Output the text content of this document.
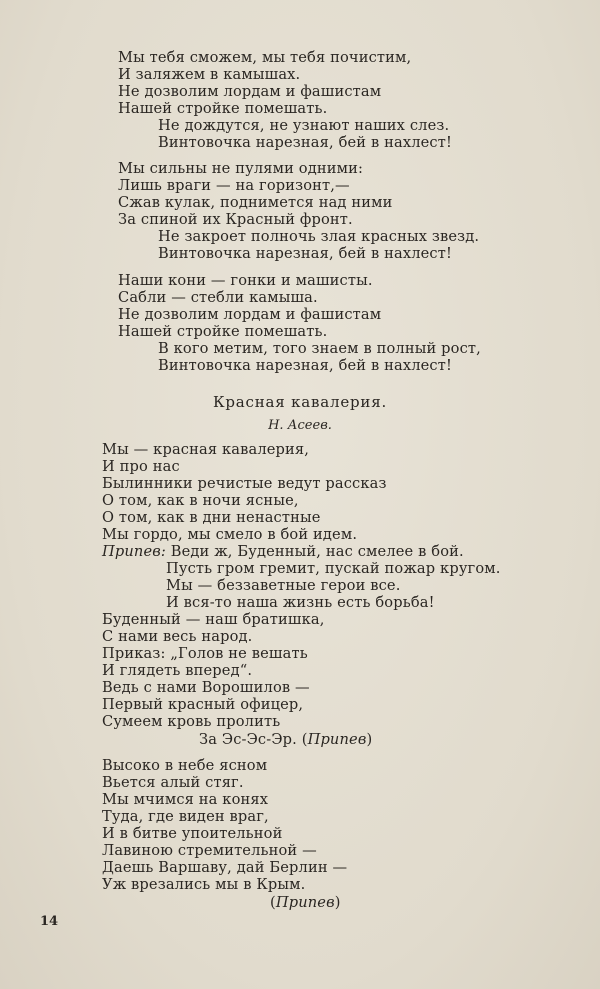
Мы тебя сможем, мы тебя почистим,
И заляжем в камышах.
Не дозволим лордам и фашистам
Нашей стройке помешать.
Не дождутся, не узнают наших слез.
Винтовочка нарезная, бей в нахлест!
Мы сильны не пулями одними:
Лишь враги — на горизонт,—
Сжав кулак, поднимется над ними
За спиной их Красный фронт.
Не закроет полночь злая красных звезд.
Винтовочка нарезная, бей в нахлест!
Наши кони — гонки и машисты.
Сабли — стебли камыша.
Не дозволим лордам и фашистам
Нашей стройке помешать.
В кого метим, того знаем в полный рост,
Винтовочка нарезная, бей в нахлест!
Красная кавалерия.
Н. Асеев.
Мы — красная кавалерия,
И про нас
Былинники речистые ведут рассказ
О том, как в ночи ясные,
О том, как в дни ненастные
Мы гордо, мы смело в бой идем.
Припев: Веди ж, Буденный, нас смелее в бой.
Пусть гром гремит, пускай пожар кругом.
Мы — беззаветные герои все.
И вся-то наша жизнь есть борьба!
Буденный — наш братишка,
С нами весь народ.
Приказ: „Голов не вешать
И глядеть вперед“.
Ведь с нами Ворошилов —
Первый красный офицер,
Сумеем кровь пролить
За Эс-Эс-Эр. (Припев)
Высоко в небе ясном
Вьется алый стяг.
Мы мчимся на конях
Туда, где виден враг,
И в битве упоительной
Лавиною стремительной —
Даешь Варшаву, дай Берлин —
Уж врезались мы в Крым.
(Припев)
14
